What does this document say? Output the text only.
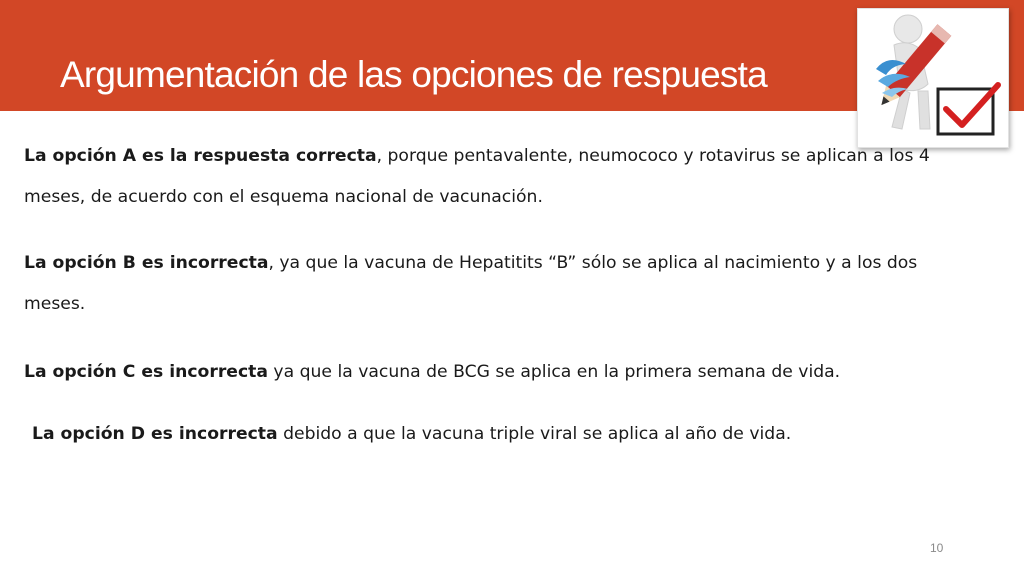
Argumentación de las opciones de respuesta

La opción A es la respuesta correcta, porque pentavalente, neumococo y rotavirus se aplican a los 4 meses, de acuerdo con el esquema nacional de vacunación.

La opción B es incorrecta, ya que la vacuna de Hepatitits “B” sólo se aplica al nacimiento y a los dos meses.

La opción C es incorrecta ya que la vacuna de BCG se aplica en la primera semana de vida.

La opción D es incorrecta debido a que la vacuna triple viral se aplica al año de vida.

10
